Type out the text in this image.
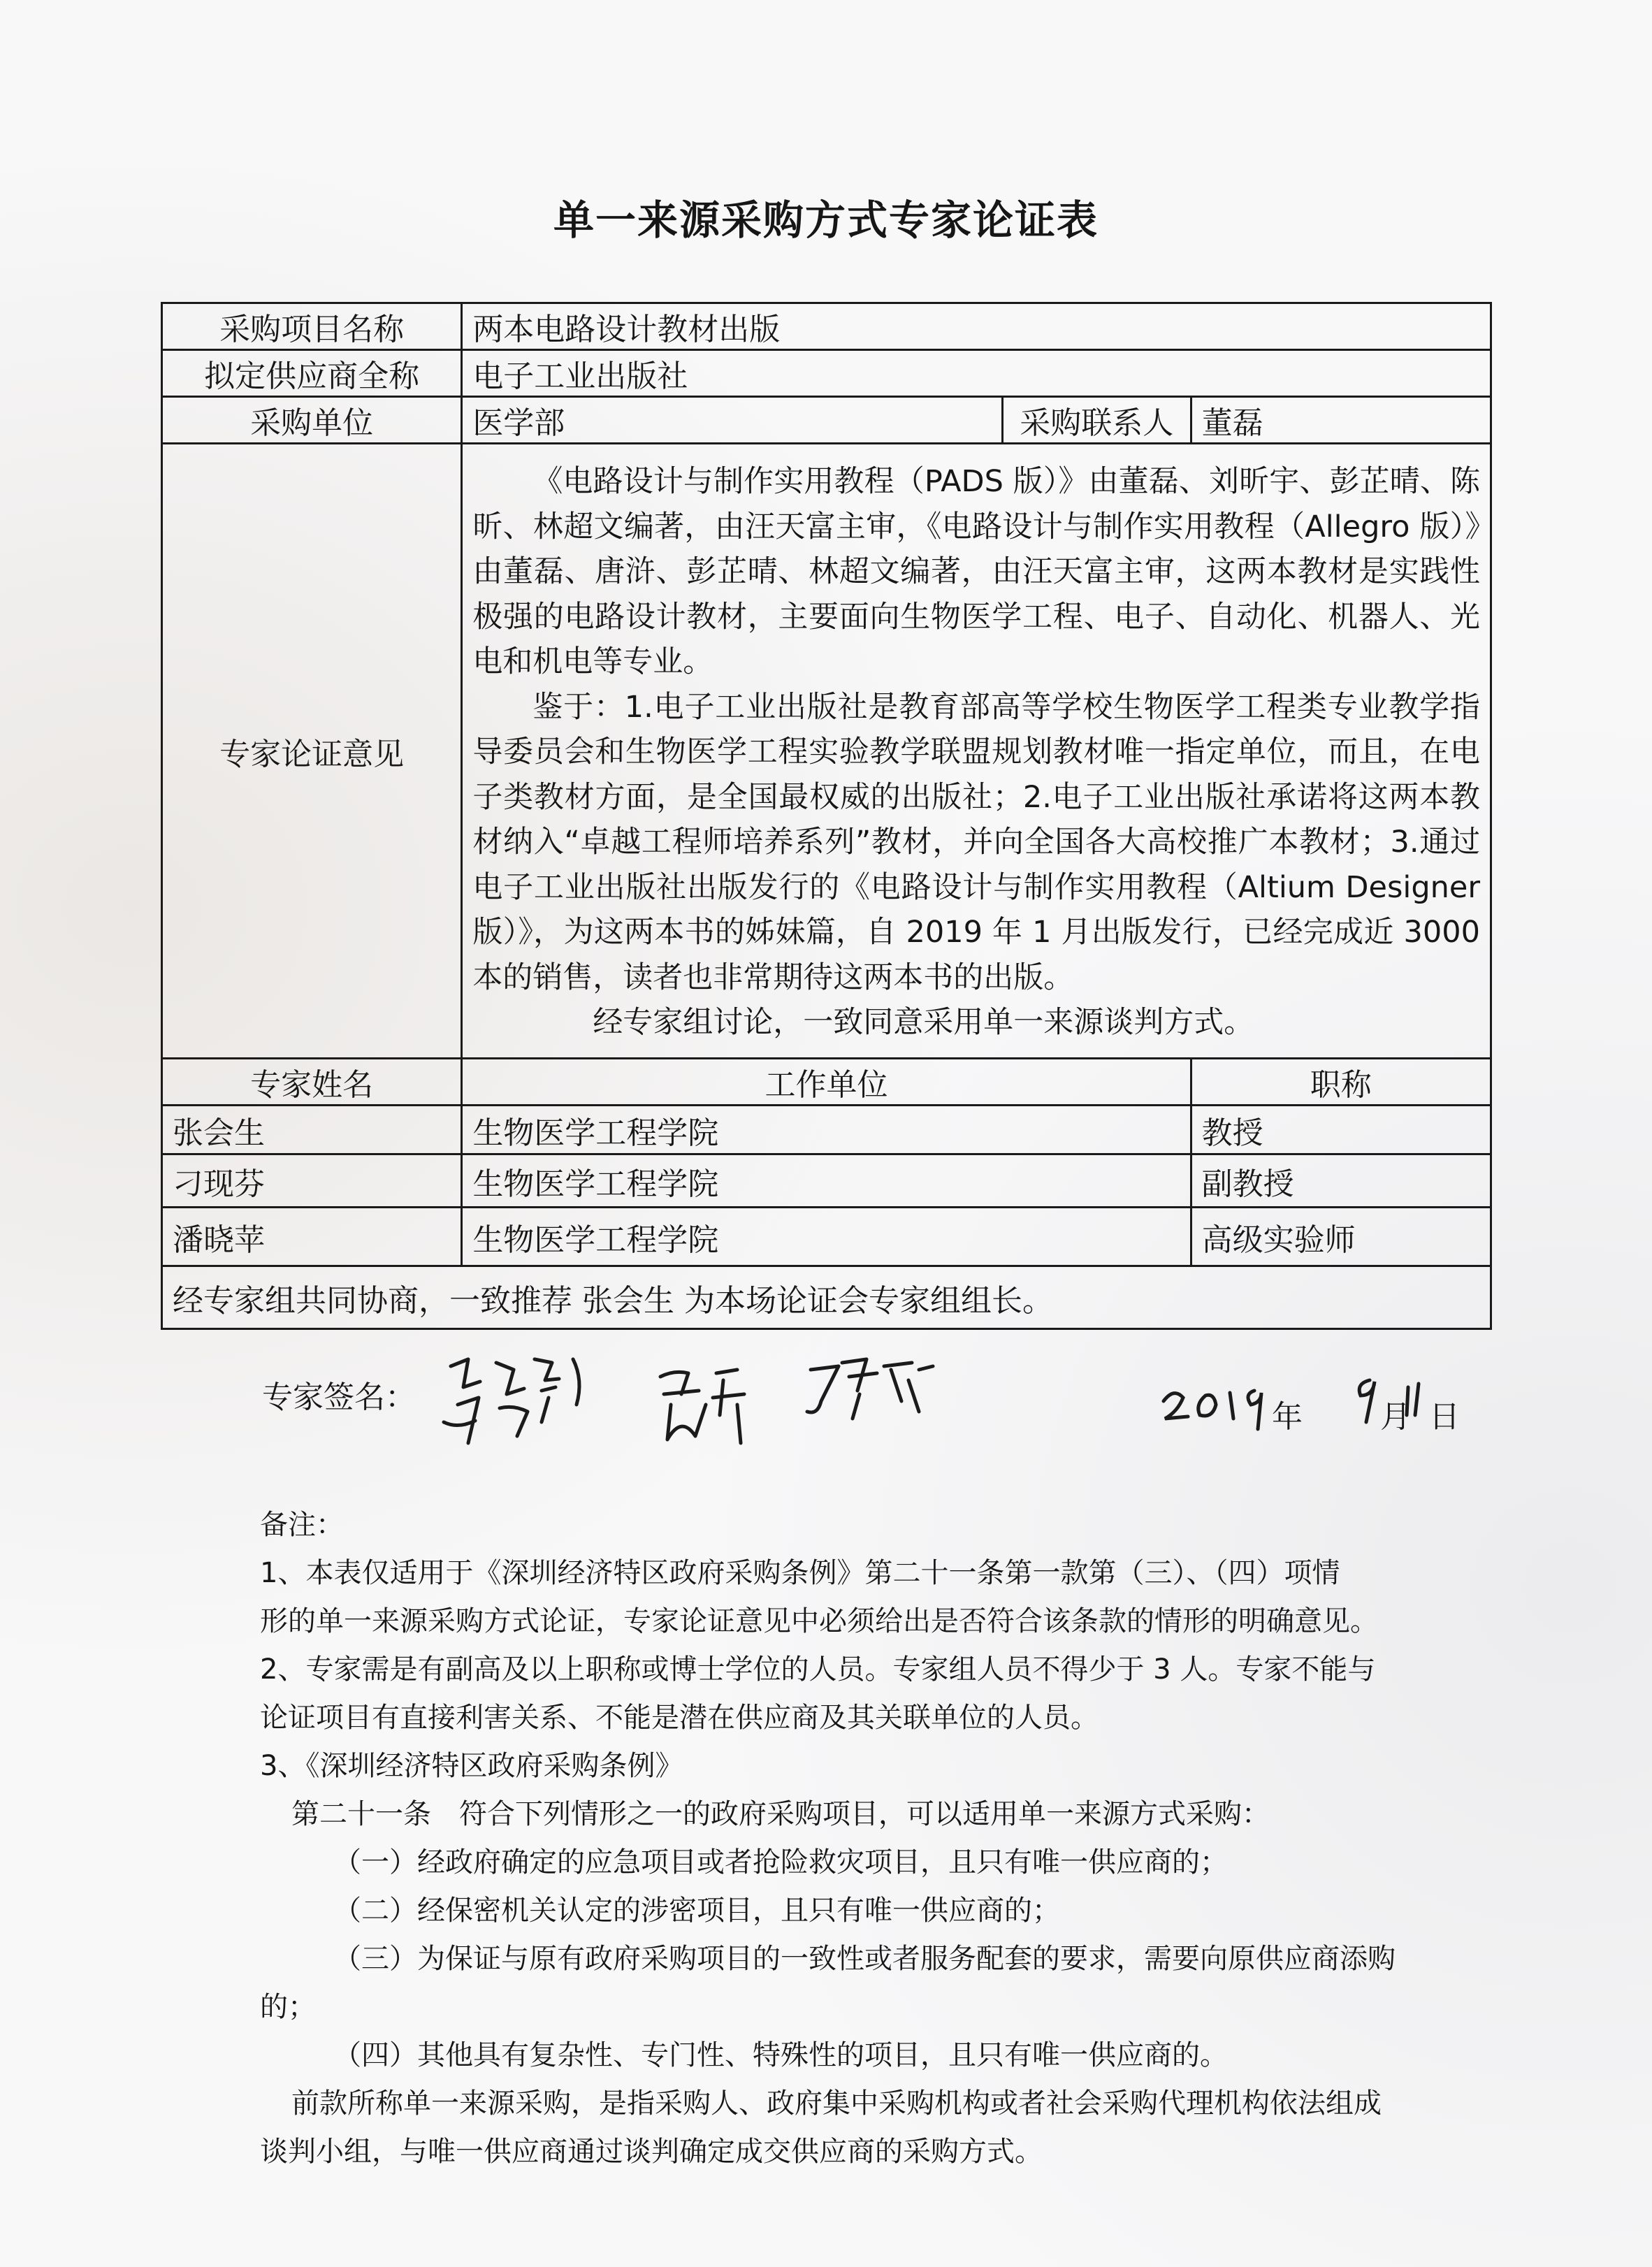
单一来源采购方式专家论证表
采购项目名称	两本电路设计教材出版		
拟定供应商全称	电子工业出版社		
采购单位	医学部	采购联系人	董磊
专家论证意见	《电路设计与制作实用教程（PADS 版）》由董磊、刘昕宇、彭芷晴、陈昕、林超文编著，由汪天富主审，《电路设计与制作实用教程（Allegro 版）》由董磊、唐浒、彭芷晴、林超文编著，由汪天富主审，这两本教材是实践性极强的电路设计教材，主要面向生物医学工程、电子、自动化、机器人、光电和机电等专业。

鉴于：1.电子工业出版社是教育部高等学校生物医学工程类专业教学指导委员会和生物医学工程实验教学联盟规划教材唯一指定单位，而且，在电子类教材方面，是全国最权威的出版社；2.电子工业出版社承诺将这两本教材纳入“卓越工程师培养系列”教材，并向全国各大高校推广本教材；3.通过电子工业出版社出版发行的《电路设计与制作实用教程（Altium Designer 版）》，为这两本书的姊妹篇，自 2019 年 1 月出版发行，已经完成近 3000 本的销售，读者也非常期待这两本书的出版。

经专家组讨论，一致同意采用单一来源谈判方式。		

专家姓名	工作单位		职称
张会生	生物医学工程学院		教授
刁现芬	生物医学工程学院		副教授
潘晓苹	生物医学工程学院		高级实验师
经专家组共同协商，一致推荐 张会生 为本场论证会专家组组长。			
专家签名：
年	月 日
备注：
1、本表仅适用于《深圳经济特区政府采购条例》第二十一条第一款第（三）、（四）项情
形的单一来源采购方式论证，专家论证意见中必须给出是否符合该条款的情形的明确意见。
2、专家需是有副高及以上职称或博士学位的人员。专家组人员不得少于 3 人。专家不能与
论证项目有直接利害关系、不能是潜在供应商及其关联单位的人员。
3、《深圳经济特区政府采购条例》
第二十一条　符合下列情形之一的政府采购项目，可以适用单一来源方式采购：
（一）经政府确定的应急项目或者抢险救灾项目，且只有唯一供应商的；
（二）经保密机关认定的涉密项目，且只有唯一供应商的；
（三）为保证与原有政府采购项目的一致性或者服务配套的要求，需要向原供应商添购
的；
（四）其他具有复杂性、专门性、特殊性的项目，且只有唯一供应商的。
前款所称单一来源采购，是指采购人、政府集中采购机构或者社会采购代理机构依法组成
谈判小组，与唯一供应商通过谈判确定成交供应商的采购方式。
